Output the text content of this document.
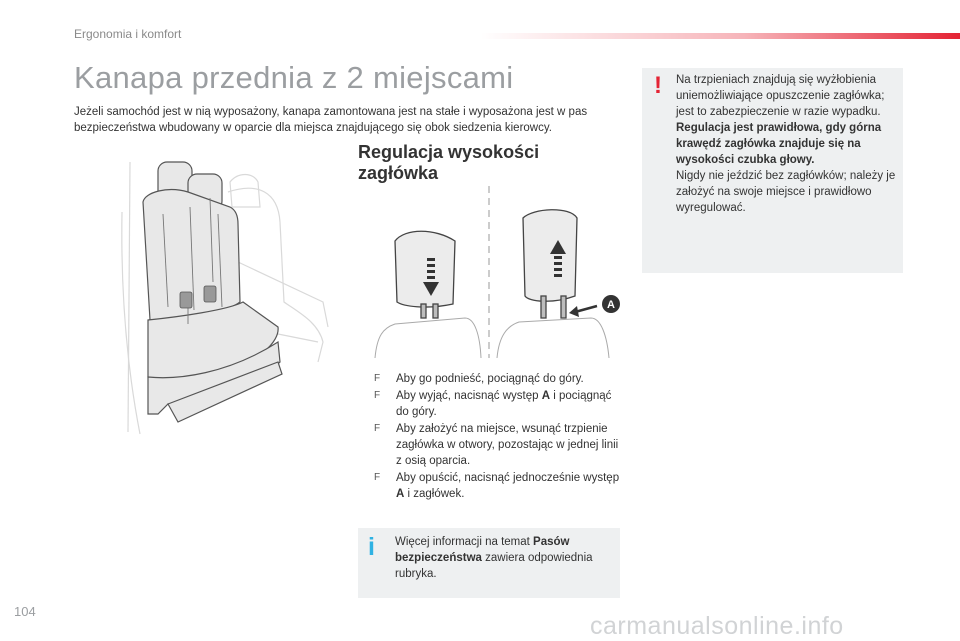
Ergonomia i komfort
Kanapa przednia z 2 miejscami

Jeżeli samochód jest w nią wyposażony, kanapa zamontowana jest na stałe i wyposażona jest w pas bezpieczeństwa wbudowany w oparcie dla miejsca znajdującego się obok siedzenia kierowcy.

Regulacja wysokości zagłówka
A
F Aby go podnieść, pociągnąć do góry.
F Aby wyjąć, nacisnąć występ A i pociągnąć do góry.
F Aby założyć na miejsce, wsunąć trzpienie zagłówka w otwory, pozostając w jednej linii z osią oparcia.
F Aby opuścić, nacisnąć jednocześnie występ A i zagłówek.
i	Więcej informacji na temat Pasów bezpieczeństwa zawiera odpowiednia rubryka.

! Na trzpieniach znajdują się wyżłobienia uniemożliwiające opuszczenie zagłówka; jest to zabezpieczenie w razie wypadku.
Regulacja jest prawidłowa, gdy górna krawędź zagłówka znajduje się na wysokości czubka głowy.
Nigdy nie jeździć bez zagłówków; należy je założyć na swoje miejsce i prawidłowo wyregulować.

104
carmanualsonline.info
